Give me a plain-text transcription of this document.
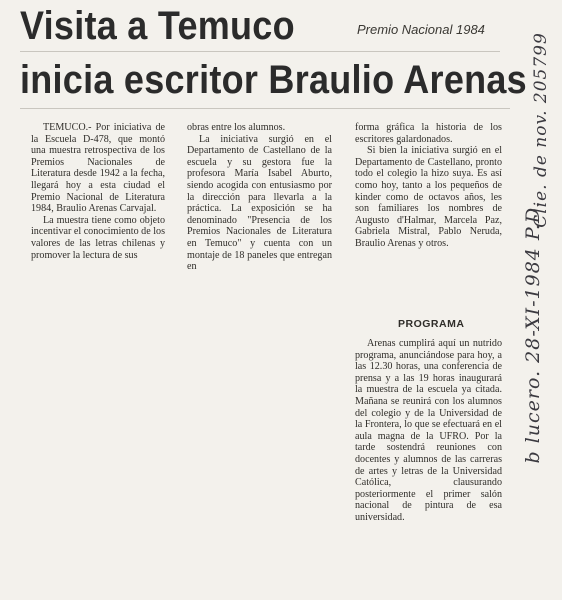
Visita a Temuco	Premio Nacional 1984
inicia escritor Braulio Arenas

TEMUCO.- Por iniciativa de la Escuela D-478, que montó una muestra retrospectiva de los Premios Nacionales de Literatura desde 1942 a la fecha, llegará hoy a esta ciudad el Premio Nacional de Literatura 1984, Braulio Arenas Carvajal.

La muestra tiene como objeto incentivar el conocimiento de los valores de las letras chilenas y promover la lectura de sus

obras entre los alumnos.

La iniciativa surgió en el Departamento de Castellano de la escuela y su gestora fue la profesora María Isabel Aburto, siendo acogida con entusiasmo por la dirección para llevarla a la práctica. La exposición se ha denominado "Presencia de los Premios Nacionales de Literatura en Temuco" y cuenta con un montaje de 18 paneles que entregan en

forma gráfica la historia de los escritores galardonados.

Si bien la iniciativa surgió en el Departamento de Castellano, pronto todo el colegio la hizo suya. Es así como hoy, tanto a los pequeños de kinder como de octavos años, les son familiares los nombres de Augusto d'Halmar, Marcela Paz, Gabriela Mistral, Pablo Neruda, Braulio Arenas y otros.

PROGRAMA

Arenas cumplirá aquí un nutrido programa, anunciándose para hoy, a las 12.30 horas, una conferencia de prensa y a las 19 horas inaugurará la muestra de la escuela ya citada. Mañana se reunirá con los alumnos del colegio y de la Universidad de la Frontera, lo que se efectuará en el aula magna de la UFRO. Por la tarde sostendrá reuniones con docentes y alumnos de las carreras de artes y letras de la Universidad Católica, clausurando posteriormente el primer salón nacional de pintura de esa universidad.

b lucero. 28-XI-1984 P.D.
Clie. de nov. 205799
